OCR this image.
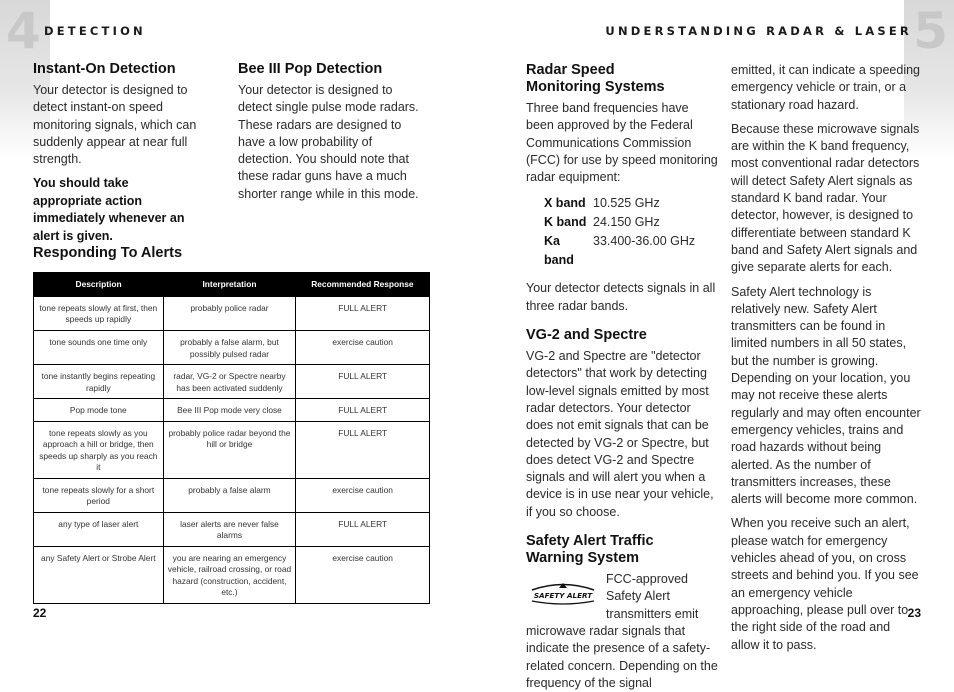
4 DETECTION
Instant-On Detection

Your detector is designed to detect instant-on speed monitoring signals, which can suddenly appear at near full strength.

You should take appropriate action immediately whenever an alert is given.

Bee III Pop Detection

Your detector is designed to detect single pulse mode radars. These radars are designed to have a low probability of detection. You should note that these radar guns have a much shorter range while in this mode.

Responding To Alerts
Description	Interpretation	Recommended Response
tone repeats slowly at first, then speeds up rapidly	probably police radar	FULL ALERT
tone sounds one time only	probably a false alarm, but possibly pulsed radar	exercise caution
tone instantly begins repeating rapidly	radar, VG-2 or Spectre nearby has been activated suddenly	FULL ALERT
Pop mode tone	Bee III Pop mode very close	FULL ALERT
tone repeats slowly as you approach a hill or bridge, then speeds up sharply as you reach it	probably police radar beyond the hill or bridge	FULL ALERT
tone repeats slowly for a short period	probably a false alarm	exercise caution
any type of laser alert	laser alerts are never false alarms	FULL ALERT
any Safety Alert or Strobe Alert	you are nearing an emergency vehicle, railroad crossing, or road hazard (construction, accident, etc.)	exercise caution
22
5
UNDERSTANDING RADAR & LASER
Radar Speed Monitoring Systems

Three band frequencies have been approved by the Federal Communications Commission (FCC) for use by speed monitoring radar equipment:

X band 10.525 GHz
K band 24.150 GHz
Ka band
33.400-36.00 GHz

Your detector detects signals in all three radar bands.

VG-2 and Spectre

VG-2 and Spectre are "detector detectors" that work by detecting low-level signals emitted by most radar detectors. Your detector does not emit signals that can be detected by VG-2 or Spectre, but does detect VG-2 and Spectre signals and will alert you when a device is in use near your vehicle, if you so choose.

Safety Alert Traffic Warning System
SAFETY ALERT
FCC-approved Safety Alert transmitters emit microwave radar signals that indicate the presence of a safety-related concern. Depending on the frequency of the signal

emitted, it can indicate a speeding emergency vehicle or train, or a stationary road hazard.

Because these microwave signals are within the K band frequency, most conventional radar detectors will detect Safety Alert signals as standard K band radar. Your detector, however, is designed to differentiate between standard K band and Safety Alert signals and give separate alerts for each.

Safety Alert technology is relatively new. Safety Alert transmitters can be found in limited numbers in all 50 states, but the number is growing. Depending on your location, you may not receive these alerts regularly and may often encounter emergency vehicles, trains and road hazards without being alerted. As the number of transmitters increases, these alerts will become more common.

When you receive such an alert, please watch for emergency vehicles ahead of you, on cross streets and behind you. If you see an emergency vehicle approaching, please pull over to the right side of the road and allow it to pass.

23
